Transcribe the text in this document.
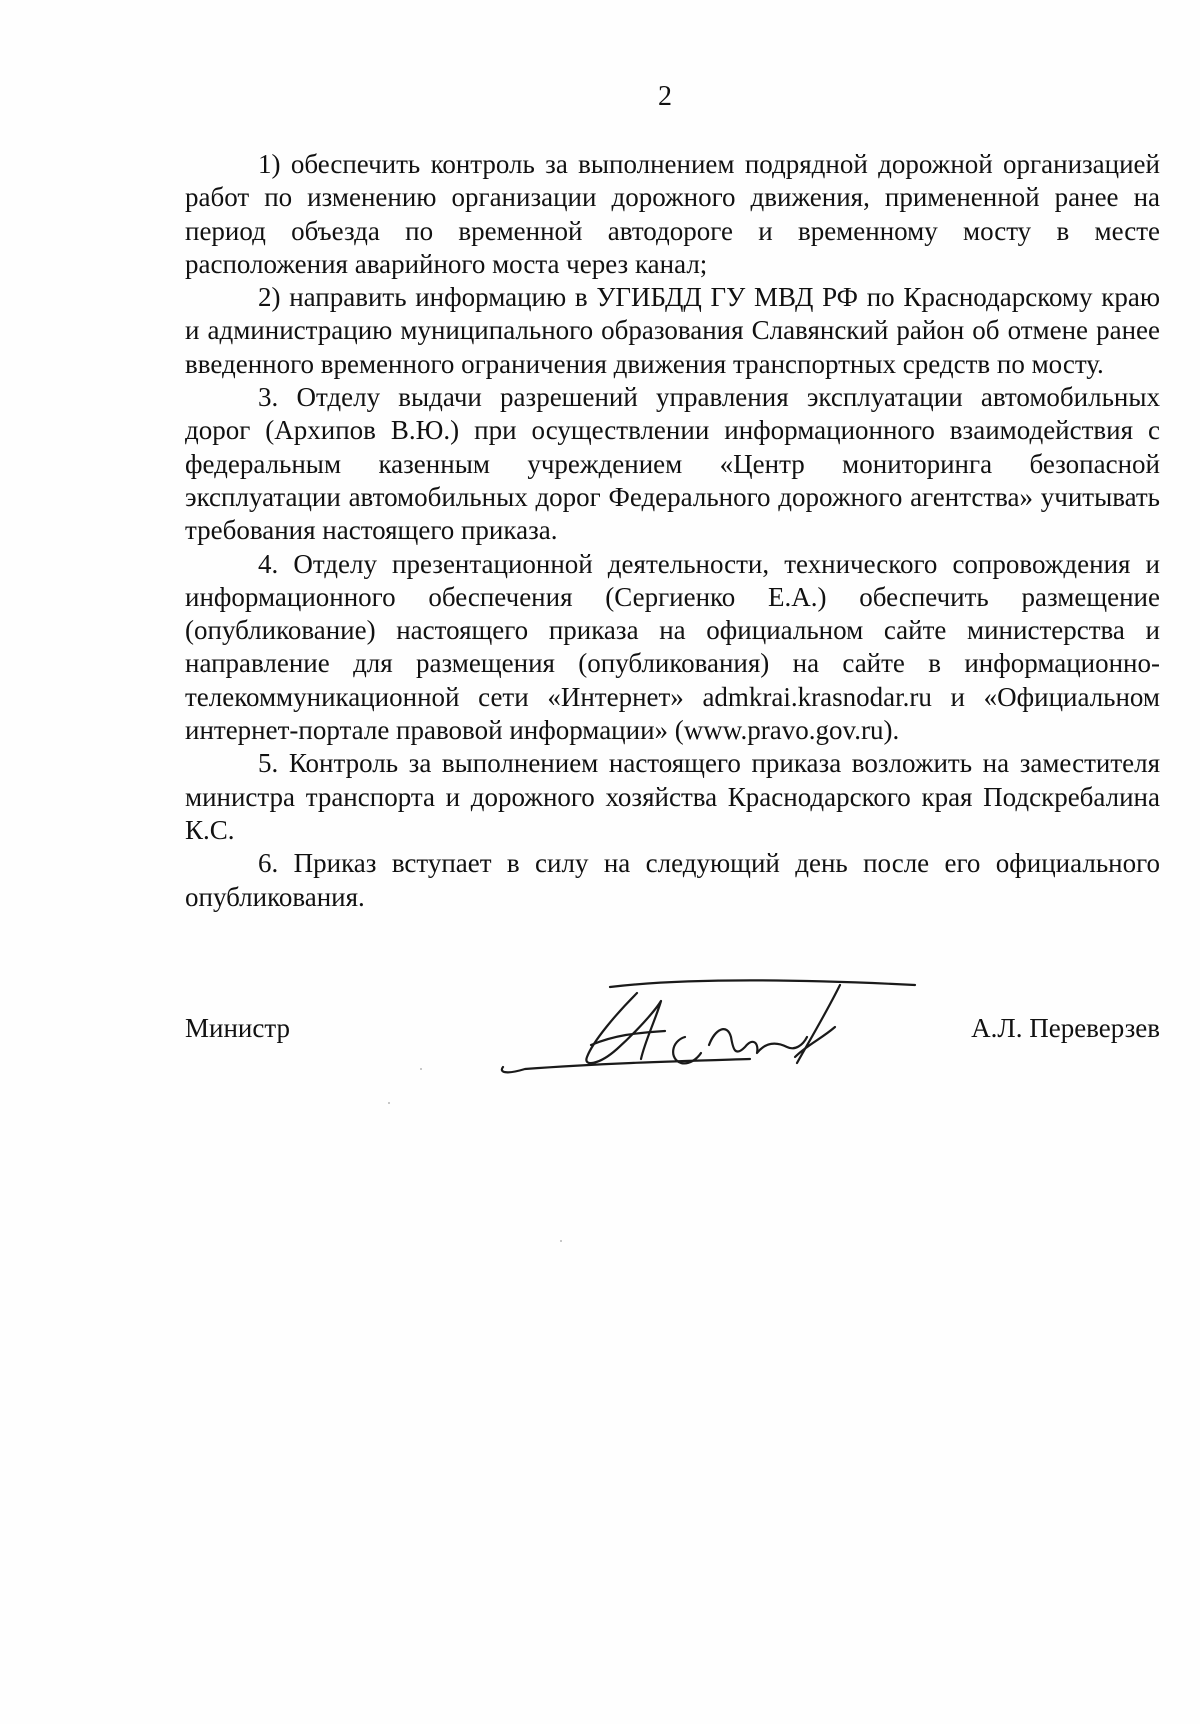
2

1) обеспечить контроль за выполнением подрядной дорожной организацией работ по изменению организации дорожного движения, примененной ранее на период объезда по временной автодороге и временному мосту в месте расположения аварийного моста через канал;

2) направить информацию в УГИБДД ГУ МВД РФ по Краснодарскому краю и администрацию муниципального образования Славянский район об отмене ранее введенного временного ограничения движения транспортных средств по мосту.

3. Отделу выдачи разрешений управления эксплуатации автомобильных дорог (Архипов В.Ю.) при осуществлении информационного взаимодействия с федеральным казенным учреждением «Центр мониторинга безопасной эксплуатации автомобильных дорог Федерального дорожного агентства» учитывать требования настоящего приказа.

4. Отделу презентационной деятельности, технического сопровождения и информационного обеспечения (Сергиенко Е.А.) обеспечить размещение (опубликование) настоящего приказа на официальном сайте министерства и направление для размещения (опубликования) на сайте в информационно-телекоммуникационной сети «Интернет» admkrai.krasnodar.ru и «Официальном интернет-портале правовой информации» (www.pravo.gov.ru).

5. Контроль за выполнением настоящего приказа возложить на заместителя министра транспорта и дорожного хозяйства Краснодарского края Подскребалина К.С.

6. Приказ вступает в силу на следующий день после его официального опубликования.

Министр	А.Л. Переверзев
